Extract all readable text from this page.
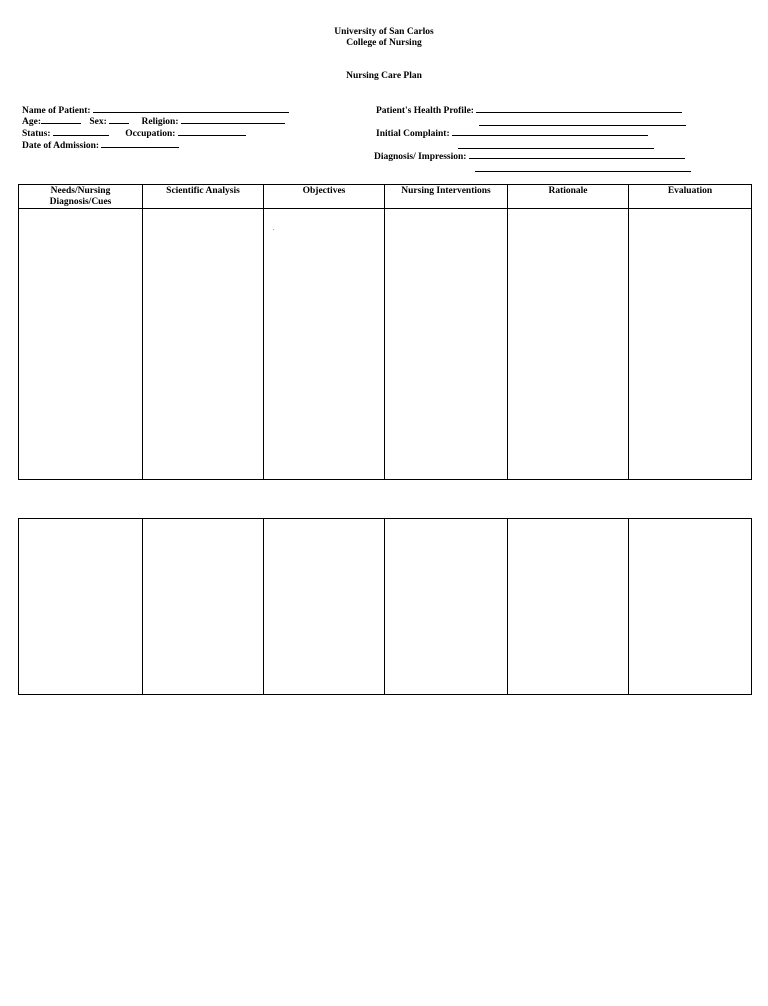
University of San Carlos
College of Nursing
Nursing Care Plan
Name of Patient:
Age:	Sex:	Religion:
Status:	Occupation:
Date of Admission:
Patient's Health Profile:
Initial Complaint:
Diagnosis/ Impression:
Needs/Nursing Diagnosis/Cues	Scientific Analysis	Objectives	Nursing Interventions	Rationale	Evaluation

.
